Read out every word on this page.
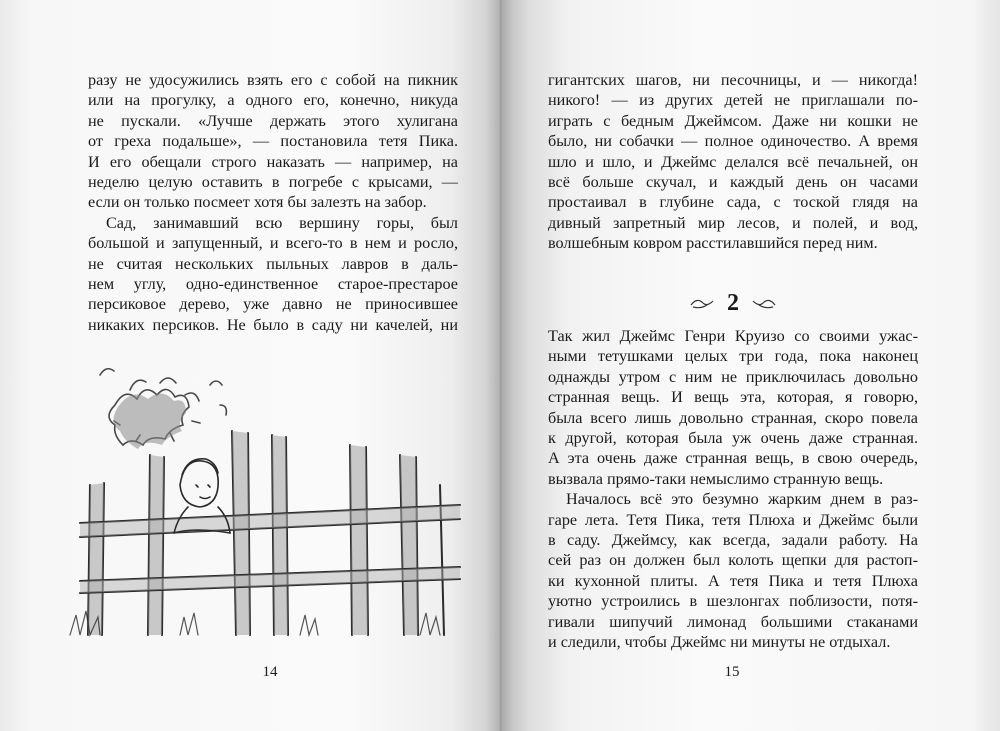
разу не удосужились взять его с собой на пикник
или на прогулку, а одного его, конечно, никуда
не пускали. «Лучше держать этого хулигана
от греха подальше», — постановила тетя Пика.
И его обещали строго наказать — например, на
неделю целую оставить в погребе с крысами, —
если он только посмеет хотя бы залезть на забор.
Сад, занимавший всю вершину горы, был
большой и запущенный, и всего-то в нем и росло,
не считая нескольких пыльных лавров в даль-
нем углу, одно-единственное старое-престарое
персиковое дерево, уже давно не приносившее
никаких персиков. Не было в саду ни качелей, ни
14
гигантских шагов, ни песочницы, и — никогда!
никого! — из других детей не приглашали по-
играть с бедным Джеймсом. Даже ни кошки не
было, ни собачки — полное одиночество. А время
шло и шло, и Джеймс делался всё печальней, он
всё больше скучал, и каждый день он часами
простаивал в глубине сада, с тоской глядя на
дивный запретный мир лесов, и полей, и вод,
волшебным ковром расстилавшийся перед ним.
2
Так жил Джеймс Генри Круизо со своими ужас-
ными тетушками целых три года, пока наконец
однажды утром с ним не приключилась довольно
странная вещь. И вещь эта, которая, я говорю,
была всего лишь довольно странная, скоро повела
к другой, которая была уж очень даже странная.
А эта очень даже странная вещь, в свою очередь,
вызвала прямо-таки немыслимо странную вещь.
Началось всё это безумно жарким днем в раз-
гаре лета. Тетя Пика, тетя Плюха и Джеймс были
в саду. Джеймсу, как всегда, задали работу. На
сей раз он должен был колоть щепки для растоп-
ки кухонной плиты. А тетя Пика и тетя Плюха
уютно устроились в шезлонгах поблизости, потя-
гивали шипучий лимонад большими стаканами
и следили, чтобы Джеймс ни минуты не отдыхал.
15
